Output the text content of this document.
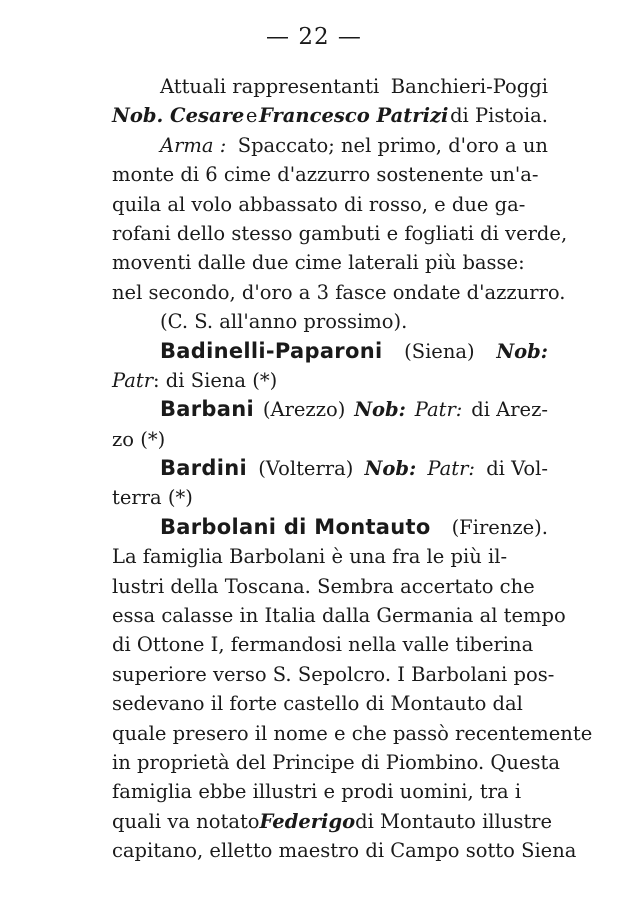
— 22 —
Attuali rappresentanti Banchieri-Poggi
Nob. Cesare e Francesco Patrizi di Pistoia.
Arma : Spaccato; nel primo, d'oro a un
monte di 6 cime d'azzurro sostenente un'a-
quila al volo abbassato di rosso, e due ga-
rofani dello stesso gambuti e fogliati di verde,
moventi dalle due cime laterali più basse:
nel secondo, d'oro a 3 fasce ondate d'azzurro.
(C. S. all'anno prossimo).
Badinelli-Paparoni (Siena) Nob:
Patr : di Siena (*)
Barbani (Arezzo) Nob: Patr: di Arez-
zo (*)
Bardini (Volterra) Nob: Patr: di Vol-
terra (*)
Barbolani di Montauto (Firenze).
La famiglia Barbolani è una fra le più il-
lustri della Toscana. Sembra accertato che
essa calasse in Italia dalla Germania al tempo
di Ottone I, fermandosi nella valle tiberina
superiore verso S. Sepolcro. I Barbolani pos-
sedevano il forte castello di Montauto dal
quale presero il nome e che passò recentemente
in proprietà del Principe di Piombino. Questa
famiglia ebbe illustri e prodi uomini, tra i
quali va notato Federigo di Montauto illustre
capitano, elletto maestro di Campo sotto Siena
